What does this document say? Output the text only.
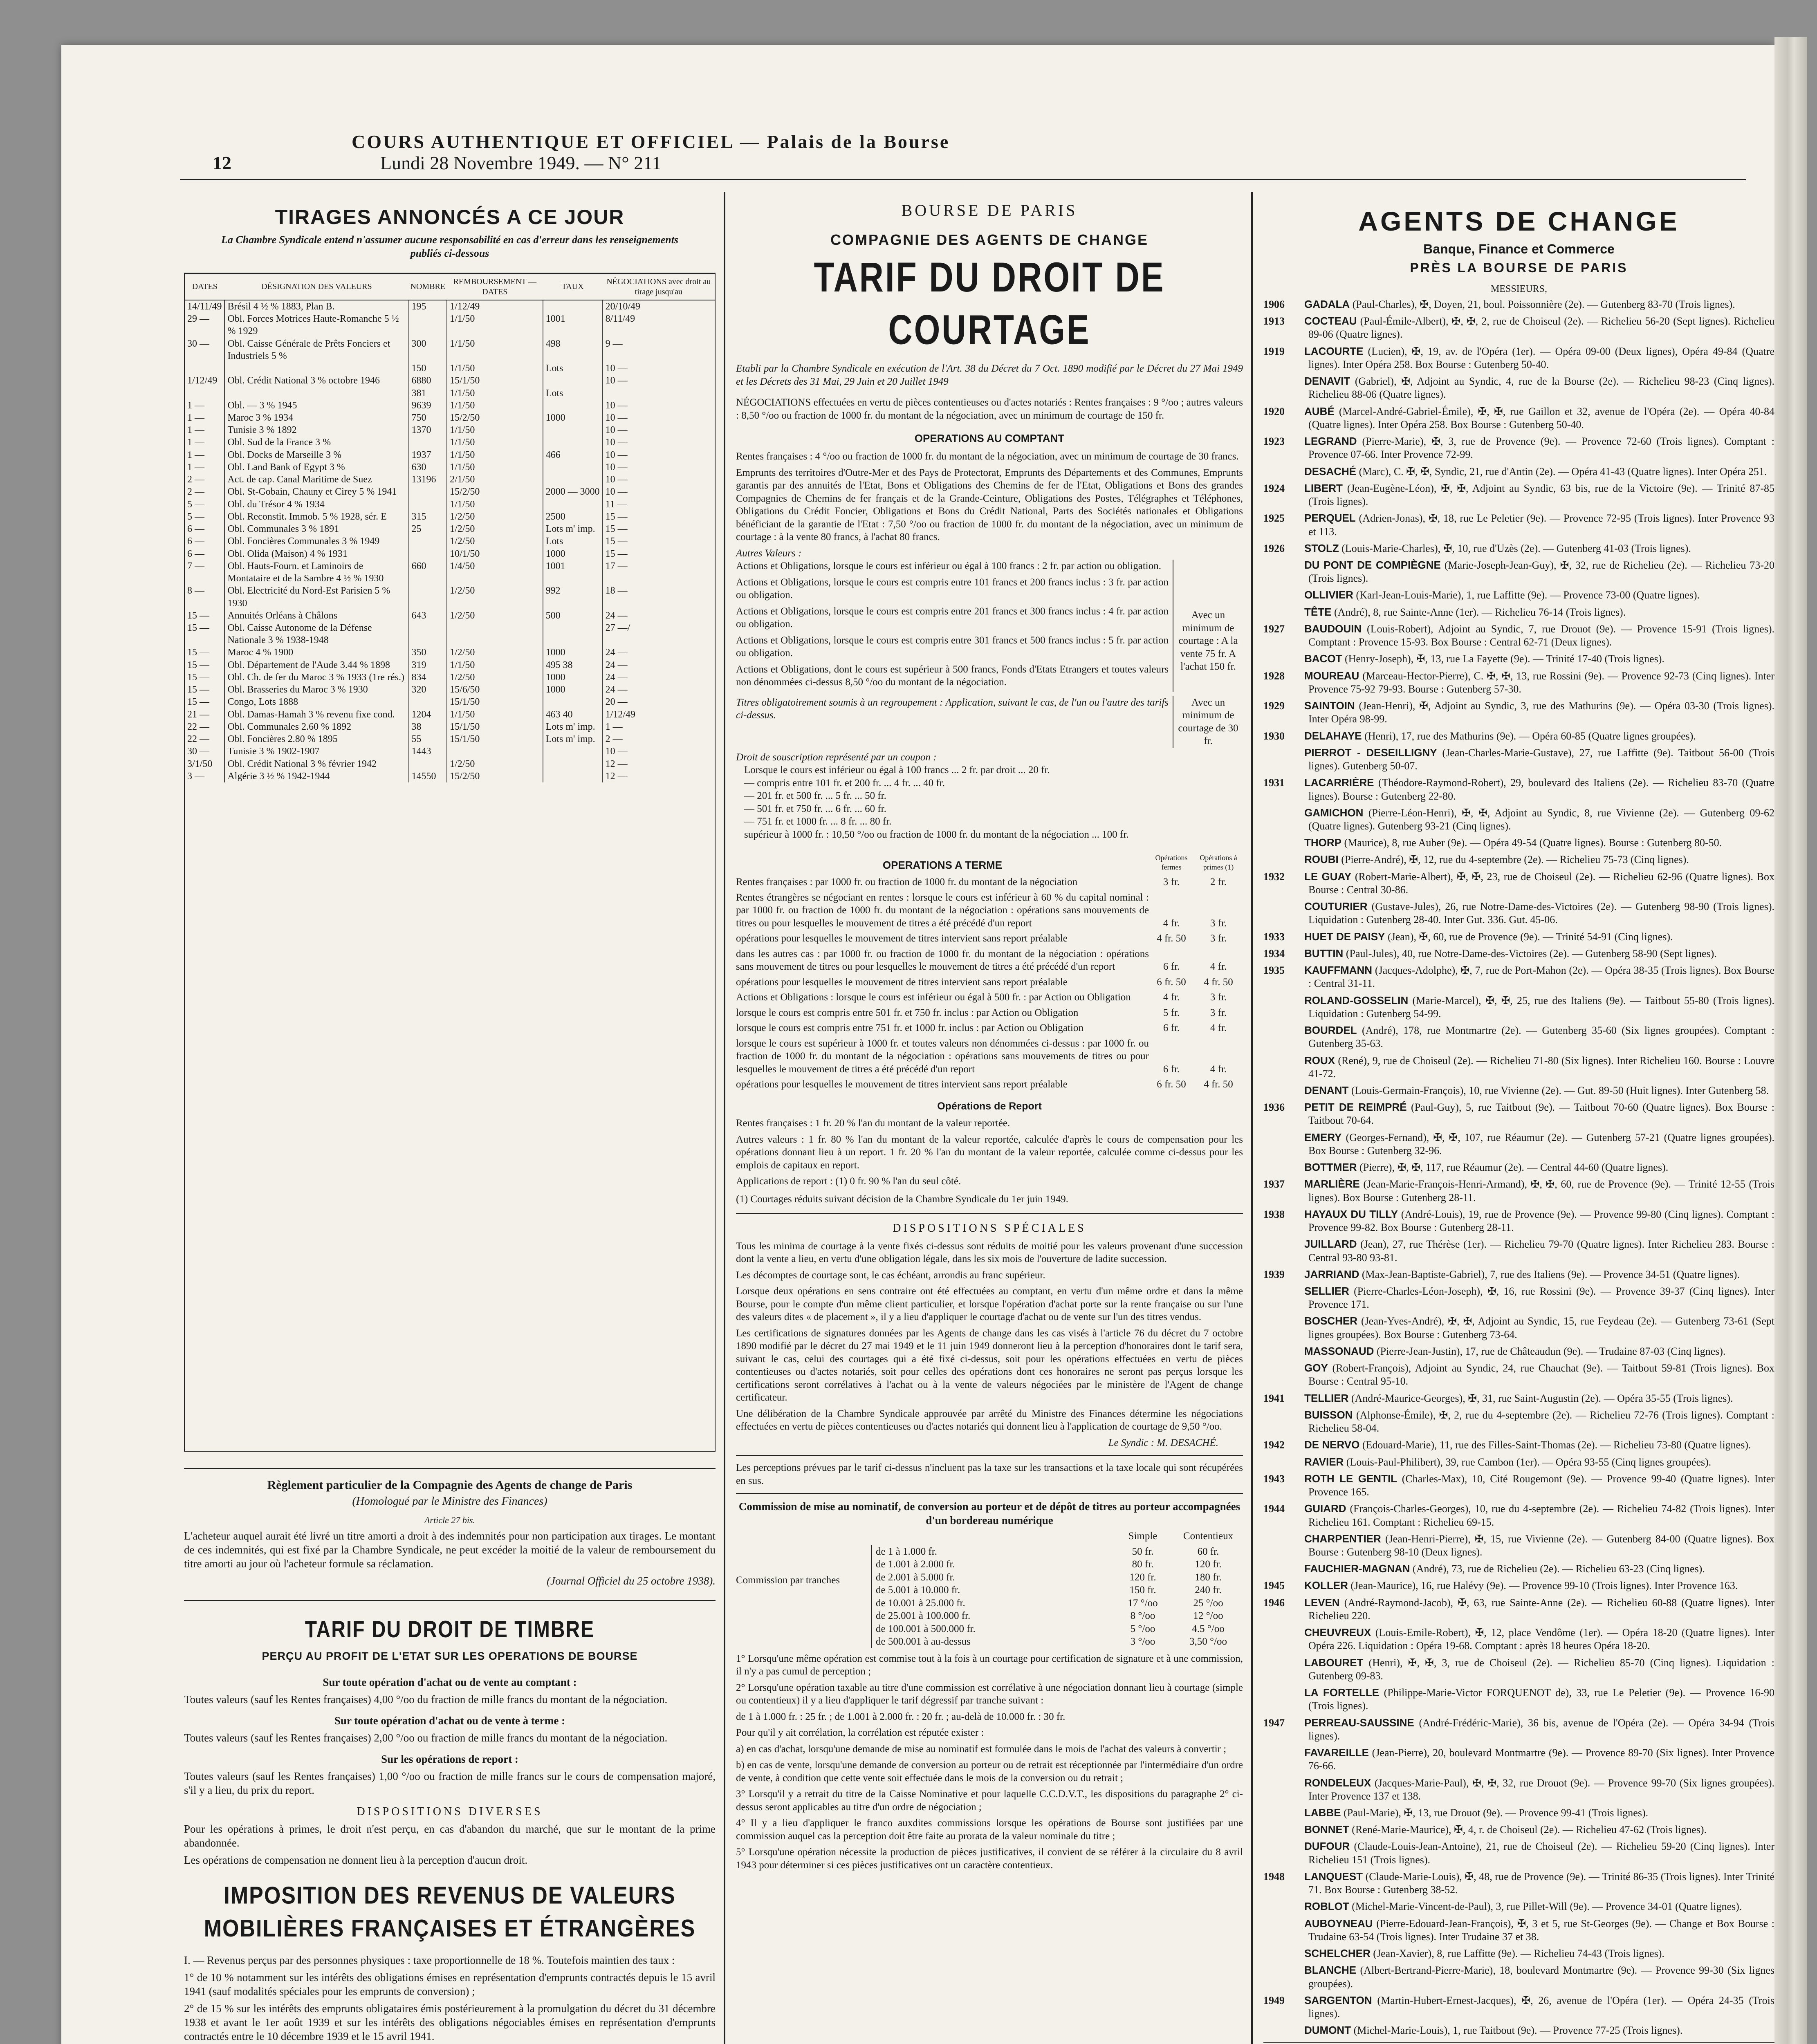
COURS AUTHENTIQUE ET OFFICIEL — Palais de la Bourse
Lundi 28 Novembre 1949. — N° 211
12
TIRAGES ANNONCÉS A CE JOUR
La Chambre Syndicale entend n'assumer aucune responsabilité en cas d'erreur dans les renseignements publiés ci-dessous
DATES	DÉSIGNATION DES VALEURS	NOMBRE	REMBOURSEMENT — DATES	TAUX	NÉGOCIATIONS avec droit au tirage jusqu'au
14/11/49	Brésil 4 ½ % 1883, Plan B.	195	1/12/49		20/10/49
29 —	Obl. Forces Motrices Haute-Romanche 5 ½ % 1929		1/1/50	1001	8/11/49
30 —	Obl. Caisse Générale de Prêts Fonciers et Industriels 5 %	300	1/1/50	498	9 —
		150	1/1/50	Lots	10 —
1/12/49	Obl. Crédit National 3 % octobre 1946	6880	15/1/50		10 —
		381	1/1/50	Lots	
1 —	Obl. — 3 % 1945	9639	1/1/50		10 —
1 —	Maroc 3 % 1934	750	15/2/50	1000	10 —
1 —	Tunisie 3 % 1892	1370	1/1/50		10 —
1 —	Obl. Sud de la France 3 %		1/1/50		10 —
1 —	Obl. Docks de Marseille 3 %	1937	1/1/50	466	10 —
1 —	Obl. Land Bank of Egypt 3 %	630	1/1/50		10 —
2 —	Act. de cap. Canal Maritime de Suez	13196	2/1/50		10 —
2 —	Obl. St-Gobain, Chauny et Cirey 5 % 1941		15/2/50	2000 — 3000	10 —
5 —	Obl. du Trésor 4 % 1934		1/1/50		11 —
5 —	Obl. Reconstit. Immob. 5 % 1928, sér. E	315	1/2/50	2500	15 —
6 —	Obl. Communales 3 % 1891	25	1/2/50	Lots m' imp.	15 —
6 —	Obl. Foncières Communales 3 % 1949		1/2/50	Lots	15 —
6 —	Obl. Olida (Maison) 4 % 1931		10/1/50	1000	15 —
7 —	Obl. Hauts-Fourn. et Laminoirs de Montataire et de la Sambre 4 ½ % 1930	660	1/4/50	1001	17 —
8 —	Obl. Electricité du Nord-Est Parisien 5 % 1930		1/2/50	992	18 —
15 —	Annuités Orléans à Châlons	643	1/2/50	500	24 —
15 —	Obl. Caisse Autonome de la Défense Nationale 3 % 1938-1948				27 —/
15 —	Maroc 4 % 1900	350	1/2/50	1000	24 —
15 —	Obl. Département de l'Aude 3.44 % 1898	319	1/1/50	495 38	24 —
15 —	Obl. Ch. de fer du Maroc 3 % 1933 (1re rés.)	834	1/2/50	1000	24 —
15 —	Obl. Brasseries du Maroc 3 % 1930	320	15/6/50	1000	24 —
15 —	Congo, Lots 1888		15/1/50		20 —
21 —	Obl. Damas-Hamah 3 % revenu fixe cond.	1204	1/1/50	463 40	1/12/49
22 —	Obl. Communales 2.60 % 1892	38	15/1/50	Lots m' imp.	1 —
22 —	Obl. Foncières 2.80 % 1895	55	15/1/50	Lots m' imp.	2 —
30 —	Tunisie 3 % 1902-1907	1443			10 —
3/1/50	Obl. Crédit National 3 % février 1942		1/2/50		12 —
3 —	Algérie 3 ½ % 1942-1944	14550	15/2/50		12 —
Règlement particulier de la Compagnie des Agents de change de Paris
(Homologué par le Ministre des Finances)
Article 27 bis.

L'acheteur auquel aurait été livré un titre amorti a droit à des indemnités pour non participation aux tirages. Le montant de ces indemnités, qui est fixé par la Chambre Syndicale, ne peut excéder la moitié de la valeur de remboursement du titre amorti au jour où l'acheteur formule sa réclamation.

(Journal Officiel du 25 octobre 1938).

TARIF DU DROIT DE TIMBRE
PERÇU AU PROFIT DE L'ETAT SUR LES OPERATIONS DE BOURSE
Sur toute opération d'achat ou de vente au comptant :

Toutes valeurs (sauf les Rentes françaises) 4,00 °/oo du fraction de mille francs du montant de la négociation.

Sur toute opération d'achat ou de vente à terme :

Toutes valeurs (sauf les Rentes françaises) 2,00 °/oo ou fraction de mille francs du montant de la négociation.

Sur les opérations de report :

Toutes valeurs (sauf les Rentes françaises) 1,00 °/oo ou fraction de mille francs sur le cours de compensation majoré, s'il y a lieu, du prix du report.

DISPOSITIONS DIVERSES

Pour les opérations à primes, le droit n'est perçu, en cas d'abandon du marché, que sur le montant de la prime abandonnée.

Les opérations de compensation ne donnent lieu à la perception d'aucun droit.

IMPOSITION DES REVENUS DE VALEURS MOBILIÈRES FRANÇAISES ET ÉTRANGÈRES

I. — Revenus perçus par des personnes physiques : taxe proportionnelle de 18 %. Toutefois maintien des taux :

1° de 10 % notamment sur les intérêts des obligations émises en représentation d'emprunts contractés depuis le 15 avril 1941 (sauf modalités spéciales pour les emprunts de conversion) ;

2° de 15 % sur les intérêts des emprunts obligataires émis postérieurement à la promulgation du décret du 31 décembre 1938 et avant le 1er août 1939 et sur les intérêts des obligations négociables émises en représentation d'emprunts contractés entre le 10 décembre 1939 et le 15 avril 1941.

BOURSE DE PARIS
COMPAGNIE DES AGENTS DE CHANGE
TARIF DU DROIT DE COURTAGE

Etabli par la Chambre Syndicale en exécution de l'Art. 38 du Décret du 7 Oct. 1890 modifié par le Décret du 27 Mai 1949 et les Décrets des 31 Mai, 29 Juin et 20 Juillet 1949

NÉGOCIATIONS effectuées en vertu de pièces contentieuses ou d'actes notariés : Rentes françaises : 9 °/oo ; autres valeurs : 8,50 °/oo ou fraction de 1000 fr. du montant de la négociation, avec un minimum de courtage de 150 fr.

OPERATIONS AU COMPTANT

Rentes françaises : 4 °/oo ou fraction de 1000 fr. du montant de la négociation, avec un minimum de courtage de 30 francs.

Emprunts des territoires d'Outre-Mer et des Pays de Protectorat, Emprunts des Départements et des Communes, Emprunts garantis par des annuités de l'Etat, Bons et Obligations des Chemins de fer de l'Etat, Obligations et Bons des grandes Compagnies de Chemins de fer français et de la Grande-Ceinture, Obligations des Postes, Télégraphes et Téléphones, Obligations du Crédit Foncier, Obligations et Bons du Crédit National, Parts des Sociétés nationales et Obligations bénéficiant de la garantie de l'Etat : 7,50 °/oo ou fraction de 1000 fr. du montant de la négociation, avec un minimum de courtage : à la vente 80 francs, à l'achat 80 francs.

Autres Valeurs :

Actions et Obligations, lorsque le cours est inférieur ou égal à 100 francs : 2 fr. par action ou obligation.

Actions et Obligations, lorsque le cours est compris entre 101 francs et 200 francs inclus : 3 fr. par action ou obligation.

Actions et Obligations, lorsque le cours est compris entre 201 francs et 300 francs inclus : 4 fr. par action ou obligation.

Actions et Obligations, lorsque le cours est compris entre 301 francs et 500 francs inclus : 5 fr. par action ou obligation.

Actions et Obligations, dont le cours est supérieur à 500 francs, Fonds d'Etats Etrangers et toutes valeurs non dénommées ci-dessus 8,50 °/oo du montant de la négociation.

Avec un minimum de courtage : A la vente 75 fr. A l'achat 150 fr.

Titres obligatoirement soumis à un regroupement : Application, suivant le cas, de l'un ou l'autre des tarifs ci-dessus.

Avec un minimum de courtage de 30 fr.
Droit de souscription représenté par un coupon :
Lorsque le cours est inférieur ou égal à 100 francs ... 2 fr. par droit ... 20 fr.
— compris entre 101 fr. et 200 fr. ... 4 fr. ... 40 fr.
— 201 fr. et 500 fr. ... 5 fr. ... 50 fr.
— 501 fr. et 750 fr. ... 6 fr. ... 60 fr.
— 751 fr. et 1000 fr. ... 8 fr. ... 80 fr.
supérieur à 1000 fr. : 10,50 °/oo ou fraction de 1000 fr. du montant de la négociation ... 100 fr.
OPERATIONS A TERME
Opérations fermes
Opérations à primes (1)
Rentes françaises : par 1000 fr. ou fraction de 1000 fr. du montant de la négociation	3 fr.	2 fr.
Rentes étrangères se négociant en rentes : lorsque le cours est inférieur à 60 % du capital nominal : par 1000 fr. ou fraction de 1000 fr. du montant de la négociation : opérations sans mouvements de titres ou pour lesquelles le mouvement de titres a été précédé d'un report	4 fr.	3 fr.
opérations pour lesquelles le mouvement de titres intervient sans report préalable	4 fr. 50	3 fr.
dans les autres cas : par 1000 fr. ou fraction de 1000 fr. du montant de la négociation : opérations sans mouvement de titres ou pour lesquelles le mouvement de titres a été précédé d'un report	6 fr.	4 fr.
opérations pour lesquelles le mouvement de titres intervient sans report préalable	6 fr. 50	4 fr. 50
Actions et Obligations : lorsque le cours est inférieur ou égal à 500 fr. : par Action ou Obligation	4 fr.	3 fr.
lorsque le cours est compris entre 501 fr. et 750 fr. inclus : par Action ou Obligation	5 fr.	3 fr.
lorsque le cours est compris entre 751 fr. et 1000 fr. inclus : par Action ou Obligation	6 fr.	4 fr.
lorsque le cours est supérieur à 1000 fr. et toutes valeurs non dénommées ci-dessus : par 1000 fr. ou fraction de 1000 fr. du montant de la négociation : opérations sans mouvements de titres ou pour lesquelles le mouvement de titres a été précédé d'un report	6 fr.	4 fr.
opérations pour lesquelles le mouvement de titres intervient sans report préalable	6 fr. 50	4 fr. 50
Opérations de Report

Rentes françaises : 1 fr. 20 % l'an du montant de la valeur reportée.

Autres valeurs : 1 fr. 80 % l'an du montant de la valeur reportée, calculée d'après le cours de compensation pour les opérations donnant lieu à un report. 1 fr. 20 % l'an du montant de la valeur reportée, calculée comme ci-dessus pour les emplois de capitaux en report.

Applications de report : (1) 0 fr. 90 % l'an du seul côté.

(1) Courtages réduits suivant décision de la Chambre Syndicale du 1er juin 1949.

DISPOSITIONS SPÉCIALES

Tous les minima de courtage à la vente fixés ci-dessus sont réduits de moitié pour les valeurs provenant d'une succession dont la vente a lieu, en vertu d'une obligation légale, dans les six mois de l'ouverture de ladite succession.

Les décomptes de courtage sont, le cas échéant, arrondis au franc supérieur.

Lorsque deux opérations en sens contraire ont été effectuées au comptant, en vertu d'un même ordre et dans la même Bourse, pour le compte d'un même client particulier, et lorsque l'opération d'achat porte sur la rente française ou sur l'une des valeurs dites « de placement », il y a lieu d'appliquer le courtage d'achat ou de vente sur l'un des titres vendus.

Les certifications de signatures données par les Agents de change dans les cas visés à l'article 76 du décret du 7 octobre 1890 modifié par le décret du 27 mai 1949 et le 11 juin 1949 donneront lieu à la perception d'honoraires dont le tarif sera, suivant le cas, celui des courtages qui a été fixé ci-dessus, soit pour les opérations effectuées en vertu de pièces contentieuses ou d'actes notariés, soit pour celles des opérations dont ces honoraires ne seront pas perçus lorsque les certifications seront corrélatives à l'achat ou à la vente de valeurs négociées par le ministère de l'Agent de change certificateur.

Une délibération de la Chambre Syndicale approuvée par arrêté du Ministre des Finances détermine les négociations effectuées en vertu de pièces contentieuses ou d'actes notariés qui donnent lieu à l'application de courtage de 9,50 °/oo.

Le Syndic : M. DESACHÉ.

Les perceptions prévues par le tarif ci-dessus n'incluent pas la taxe sur les transactions et la taxe locale qui sont récupérées en sus.

Commission de mise au nominatif, de conversion au porteur et de dépôt de titres au porteur accompagnées d'un bordereau numérique
Simple	Contentieux
Commission par tranches
de 1 à 1.000 fr.	50 fr.	60 fr.
de 1.001 à 2.000 fr.	80 fr.	120 fr.
de 2.001 à 5.000 fr.	120 fr.	180 fr.
de 5.001 à 10.000 fr.	150 fr.	240 fr.
de 10.001 à 25.000 fr.	17 °/oo	25 °/oo
de 25.001 à 100.000 fr.	8 °/oo	12 °/oo
de 100.001 à 500.000 fr.	5 °/oo	4.5 °/oo
de 500.001 à au-dessus	3 °/oo	3,50 °/oo

1° Lorsqu'une même opération est commise tout à la fois à un courtage pour certification de signature et à une commission, il n'y a pas cumul de perception ;

2° Lorsqu'une opération taxable au titre d'une commission est corrélative à une négociation donnant lieu à courtage (simple ou contentieux) il y a lieu d'appliquer le tarif dégressif par tranche suivant :

de 1 à 1.000 fr. : 25 fr. ; de 1.001 à 2.000 fr. : 20 fr. ; au-delà de 10.000 fr. : 30 fr.

Pour qu'il y ait corrélation, la corrélation est réputée exister :

a) en cas d'achat, lorsqu'une demande de mise au nominatif est formulée dans le mois de l'achat des valeurs à convertir ;

b) en cas de vente, lorsqu'une demande de conversion au porteur ou de retrait est réceptionnée par l'intermédiaire d'un ordre de vente, à condition que cette vente soit effectuée dans le mois de la conversion ou du retrait ;

3° Lorsqu'il y a retrait du titre de la Caisse Nominative et pour laquelle C.C.D.V.T., les dispositions du paragraphe 2° ci-dessus seront applicables au titre d'un ordre de négociation ;

4° Il y a lieu d'appliquer le franco auxdites commissions lorsque les opérations de Bourse sont justifiées par une commission auquel cas la perception doit être faite au prorata de la valeur nominale du titre ;

5° Lorsqu'une opération nécessite la production de pièces justificatives, il convient de se référer à la circulaire du 8 avril 1943 pour déterminer si ces pièces justificatives ont un caractère contentieux.

AGENTS DE CHANGE
Banque, Finance et Commerce
PRÈS LA BOURSE DE PARIS
MESSIEURS,

1906 GADALA (Paul-Charles), ✠, Doyen, 21, boul. Poissonnière (2e). — Gutenberg 83-70 (Trois lignes).

1913 COCTEAU (Paul-Émile-Albert), ✠, ✠, 2, rue de Choiseul (2e). — Richelieu 56-20 (Sept lignes). Richelieu 89-06 (Quatre lignes).

1919 LACOURTE (Lucien), ✠, 19, av. de l'Opéra (1er). — Opéra 09-00 (Deux lignes), Opéra 49-84 (Quatre lignes). Inter Opéra 258. Box Bourse : Gutenberg 50-40.

DENAVIT (Gabriel), ✠, Adjoint au Syndic, 4, rue de la Bourse (2e). — Richelieu 98-23 (Cinq lignes). Richelieu 88-06 (Quatre lignes).

1920 AUBÉ (Marcel-André-Gabriel-Émile), ✠, ✠, rue Gaillon et 32, avenue de l'Opéra (2e). — Opéra 40-84 (Quatre lignes). Inter Opéra 258. Box Bourse : Gutenberg 50-40.

1923 LEGRAND (Pierre-Marie), ✠, 3, rue de Provence (9e). — Provence 72-60 (Trois lignes). Comptant : Provence 07-66. Inter Provence 72-99.

DESACHÉ (Marc), C. ✠, ✠, Syndic, 21, rue d'Antin (2e). — Opéra 41-43 (Quatre lignes). Inter Opéra 251.

1924 LIBERT (Jean-Eugène-Léon), ✠, ✠, Adjoint au Syndic, 63 bis, rue de la Victoire (9e). — Trinité 87-85 (Trois lignes).

1925 PERQUEL (Adrien-Jonas), ✠, 18, rue Le Peletier (9e). — Provence 72-95 (Trois lignes). Inter Provence 93 et 113.

1926 STOLZ (Louis-Marie-Charles), ✠, 10, rue d'Uzès (2e). — Gutenberg 41-03 (Trois lignes).

DU PONT DE COMPIÈGNE (Marie-Joseph-Jean-Guy), ✠, 32, rue de Richelieu (2e). — Richelieu 73-20 (Trois lignes).

OLLIVIER (Karl-Jean-Louis-Marie), 1, rue Laffitte (9e). — Provence 73-00 (Quatre lignes).

TÊTE (André), 8, rue Sainte-Anne (1er). — Richelieu 76-14 (Trois lignes).

1927 BAUDOUIN (Louis-Robert), Adjoint au Syndic, 7, rue Drouot (9e). — Provence 15-91 (Trois lignes). Comptant : Provence 15-93. Box Bourse : Central 62-71 (Deux lignes).

BACOT (Henry-Joseph), ✠, 13, rue La Fayette (9e). — Trinité 17-40 (Trois lignes).

1928 MOUREAU (Marceau-Hector-Pierre), C. ✠, ✠, 13, rue Rossini (9e). — Provence 92-73 (Cinq lignes). Inter Provence 75-92 79-93. Bourse : Gutenberg 57-30.

1929 SAINTOIN (Jean-Henri), ✠, Adjoint au Syndic, 3, rue des Mathurins (9e). — Opéra 03-30 (Trois lignes). Inter Opéra 98-99.

1930 DELAHAYE (Henri), 17, rue des Mathurins (9e). — Opéra 60-85 (Quatre lignes groupées).

PIERROT - DESEILLIGNY (Jean-Charles-Marie-Gustave), 27, rue Laffitte (9e). Taitbout 56-00 (Trois lignes). Gutenberg 50-07.

1931 LACARRIÈRE (Théodore-Raymond-Robert), 29, boulevard des Italiens (2e). — Richelieu 83-70 (Quatre lignes). Bourse : Gutenberg 22-80.

GAMICHON (Pierre-Léon-Henri), ✠, ✠, Adjoint au Syndic, 8, rue Vivienne (2e). — Gutenberg 09-62 (Quatre lignes). Gutenberg 93-21 (Cinq lignes).

THORP (Maurice), 8, rue Auber (9e). — Opéra 49-54 (Quatre lignes). Bourse : Gutenberg 80-50.

ROUBI (Pierre-André), ✠, 12, rue du 4-septembre (2e). — Richelieu 75-73 (Cinq lignes).

1932 LE GUAY (Robert-Marie-Albert), ✠, ✠, 23, rue de Choiseul (2e). — Richelieu 62-96 (Quatre lignes). Box Bourse : Central 30-86.

COUTURIER (Gustave-Jules), 26, rue Notre-Dame-des-Victoires (2e). — Gutenberg 98-90 (Trois lignes). Liquidation : Gutenberg 28-40. Inter Gut. 336. Gut. 45-06.

1933 HUET DE PAISY (Jean), ✠, 60, rue de Provence (9e). — Trinité 54-91 (Cinq lignes).

1934 BUTTIN (Paul-Jules), 40, rue Notre-Dame-des-Victoires (2e). — Gutenberg 58-90 (Sept lignes).

1935 KAUFFMANN (Jacques-Adolphe), ✠, 7, rue de Port-Mahon (2e). — Opéra 38-35 (Trois lignes). Box Bourse : Central 31-11.

ROLAND-GOSSELIN (Marie-Marcel), ✠, ✠, 25, rue des Italiens (9e). — Taitbout 55-80 (Trois lignes). Liquidation : Gutenberg 54-99.

BOURDEL (André), 178, rue Montmartre (2e). — Gutenberg 35-60 (Six lignes groupées). Comptant : Gutenberg 35-63.

ROUX (René), 9, rue de Choiseul (2e). — Richelieu 71-80 (Six lignes). Inter Richelieu 160. Bourse : Louvre 41-72.

DENANT (Louis-Germain-François), 10, rue Vivienne (2e). — Gut. 89-50 (Huit lignes). Inter Gutenberg 58.

1936 PETIT DE REIMPRÉ (Paul-Guy), 5, rue Taitbout (9e). — Taitbout 70-60 (Quatre lignes). Box Bourse : Taitbout 70-64.

EMERY (Georges-Fernand), ✠, ✠, 107, rue Réaumur (2e). — Gutenberg 57-21 (Quatre lignes groupées). Box Bourse : Gutenberg 32-96.

BOTTMER (Pierre), ✠, ✠, 117, rue Réaumur (2e). — Central 44-60 (Quatre lignes).

1937 MARLIÈRE (Jean-Marie-François-Henri-Armand), ✠, ✠, 60, rue de Provence (9e). — Trinité 12-55 (Trois lignes). Box Bourse : Gutenberg 28-11.

1938 HAYAUX DU TILLY (André-Louis), 19, rue de Provence (9e). — Provence 99-80 (Cinq lignes). Comptant : Provence 99-82. Box Bourse : Gutenberg 28-11.

JUILLARD (Jean), 27, rue Thérèse (1er). — Richelieu 79-70 (Quatre lignes). Inter Richelieu 283. Bourse : Central 93-80 93-81.

1939 JARRIAND (Max-Jean-Baptiste-Gabriel), 7, rue des Italiens (9e). — Provence 34-51 (Quatre lignes).

SELLIER (Pierre-Charles-Léon-Joseph), ✠, 16, rue Rossini (9e). — Provence 39-37 (Cinq lignes). Inter Provence 171.

BOSCHER (Jean-Yves-André), ✠, ✠, Adjoint au Syndic, 15, rue Feydeau (2e). — Gutenberg 73-61 (Sept lignes groupées). Box Bourse : Gutenberg 73-64.

MASSONAUD (Pierre-Jean-Justin), 17, rue de Châteaudun (9e). — Trudaine 87-03 (Cinq lignes).

GOY (Robert-François), Adjoint au Syndic, 24, rue Chauchat (9e). — Taitbout 59-81 (Trois lignes). Box Bourse : Central 95-10.

1941 TELLIER (André-Maurice-Georges), ✠, 31, rue Saint-Augustin (2e). — Opéra 35-55 (Trois lignes).

BUISSON (Alphonse-Émile), ✠, 2, rue du 4-septembre (2e). — Richelieu 72-76 (Trois lignes). Comptant : Richelieu 58-04.

1942 DE NERVO (Edouard-Marie), 11, rue des Filles-Saint-Thomas (2e). — Richelieu 73-80 (Quatre lignes).

RAVIER (Louis-Paul-Philibert), 39, rue Cambon (1er). — Opéra 93-55 (Cinq lignes groupées).

1943 ROTH LE GENTIL (Charles-Max), 10, Cité Rougemont (9e). — Provence 99-40 (Quatre lignes). Inter Provence 165.

1944 GUIARD (François-Charles-Georges), 10, rue du 4-septembre (2e). — Richelieu 74-82 (Trois lignes). Inter Richelieu 161. Comptant : Richelieu 69-15.

CHARPENTIER (Jean-Henri-Pierre), ✠, 15, rue Vivienne (2e). — Gutenberg 84-00 (Quatre lignes). Box Bourse : Gutenberg 98-10 (Deux lignes).

FAUCHIER-MAGNAN (André), 73, rue de Richelieu (2e). — Richelieu 63-23 (Cinq lignes).

1945 KOLLER (Jean-Maurice), 16, rue Halévy (9e). — Provence 99-10 (Trois lignes). Inter Provence 163.

1946 LEVEN (André-Raymond-Jacob), ✠, 63, rue Sainte-Anne (2e). — Richelieu 60-88 (Quatre lignes). Inter Richelieu 220.

CHEUVREUX (Louis-Emile-Robert), ✠, 12, place Vendôme (1er). — Opéra 18-20 (Quatre lignes). Inter Opéra 226. Liquidation : Opéra 19-68. Comptant : après 18 heures Opéra 18-20.

LABOURET (Henri), ✠, ✠, 3, rue de Choiseul (2e). — Richelieu 85-70 (Cinq lignes). Liquidation : Gutenberg 09-83.

LA FORTELLE (Philippe-Marie-Victor FORQUENOT de), 33, rue Le Peletier (9e). — Provence 16-90 (Trois lignes).

1947 PERREAU-SAUSSINE (André-Frédéric-Marie), 36 bis, avenue de l'Opéra (2e). — Opéra 34-94 (Trois lignes).

FAVAREILLE (Jean-Pierre), 20, boulevard Montmartre (9e). — Provence 89-70 (Six lignes). Inter Provence 76-66.

RONDELEUX (Jacques-Marie-Paul), ✠, ✠, 32, rue Drouot (9e). — Provence 99-70 (Six lignes groupées). Inter Provence 137 et 138.

LABBE (Paul-Marie), ✠, 13, rue Drouot (9e). — Provence 99-41 (Trois lignes).

BONNET (René-Marie-Maurice), ✠, 4, r. de Choiseul (2e). — Richelieu 47-62 (Trois lignes).

DUFOUR (Claude-Louis-Jean-Antoine), 21, rue de Choiseul (2e). — Richelieu 59-20 (Cinq lignes). Inter Richelieu 151 (Trois lignes).

1948 LANQUEST (Claude-Marie-Louis), ✠, 48, rue de Provence (9e). — Trinité 86-35 (Trois lignes). Inter Trinité 71. Box Bourse : Gutenberg 38-52.

ROBLOT (Michel-Marie-Vincent-de-Paul), 3, rue Pillet-Will (9e). — Provence 34-01 (Quatre lignes).

AUBOYNEAU (Pierre-Edouard-Jean-François), ✠, 3 et 5, rue St-Georges (9e). — Change et Box Bourse : Trudaine 63-54 (Trois lignes). Inter Trudaine 37 et 38.

SCHELCHER (Jean-Xavier), 8, rue Laffitte (9e). — Richelieu 74-43 (Trois lignes).

BLANCHE (Albert-Bertrand-Pierre-Marie), 18, boulevard Montmartre (9e). — Provence 99-30 (Six lignes groupées).

1949 SARGENTON (Martin-Hubert-Ernest-Jacques), ✠, 26, avenue de l'Opéra (1er). — Opéra 24-35 (Trois lignes).

DUMONT (Michel-Marie-Louis), 1, rue Taitbout (9e). — Provence 77-25 (Trois lignes).
